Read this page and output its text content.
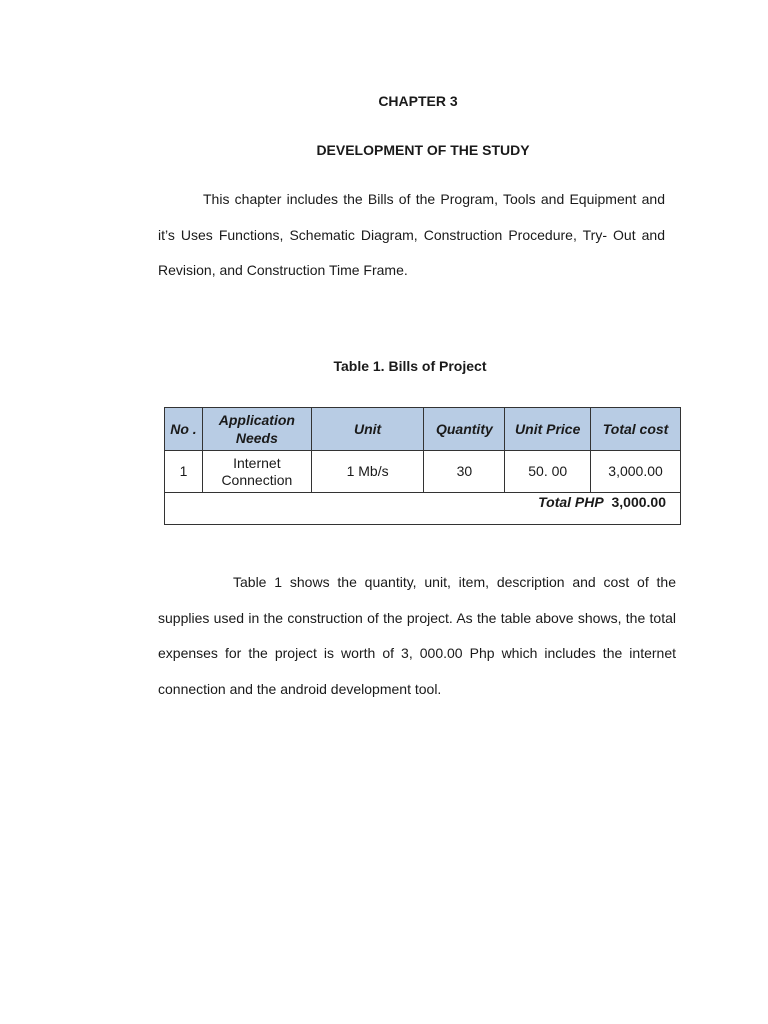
CHAPTER 3
DEVELOPMENT OF THE STUDY
This chapter includes the Bills of the Program, Tools and Equipment and it’s Uses Functions, Schematic Diagram, Construction Procedure, Try- Out and Revision, and Construction Time Frame.
Table 1. Bills of Project
No .	Application Needs	Unit	Quantity	Unit Price	Total cost
1	Internet Connection	1 Mb/s	30	50. 00	3,000.00
Total PHP 3,000.00					
Table 1 shows the quantity, unit, item, description and cost of the supplies used in the construction of the project. As the table above shows, the total expenses for the project is worth of 3, 000.00 Php which includes the internet connection and the android development tool.
